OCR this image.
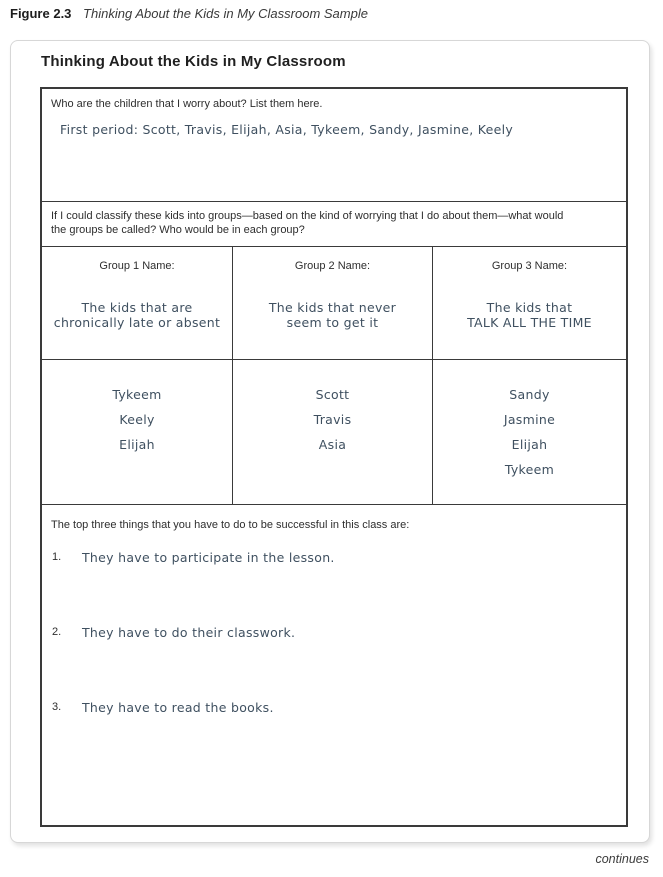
Figure 2.3 Thinking About the Kids in My Classroom Sample
Thinking About the Kids in My Classroom
Who are the children that I worry about? List them here.
First period: Scott, Travis, Elijah, Asia, Tykeem, Sandy, Jasmine, Keely
If I could classify these kids into groups—based on the kind of worrying that I do about them—what would
the groups be called? Who would be in each group?
Group 1 Name:
The kids that are
chronically late or absent
Group 2 Name:
The kids that never
seem to get it
Group 3 Name:
The kids that
TALK ALL THE TIME
Tykeem
Keely
Elijah
Scott
Travis
Asia
Sandy
Jasmine
Elijah
Tykeem
The top three things that you have to do to be successful in this class are:
1. They have to participate in the lesson.
2. They have to do their classwork.
3. They have to read the books.
continues
